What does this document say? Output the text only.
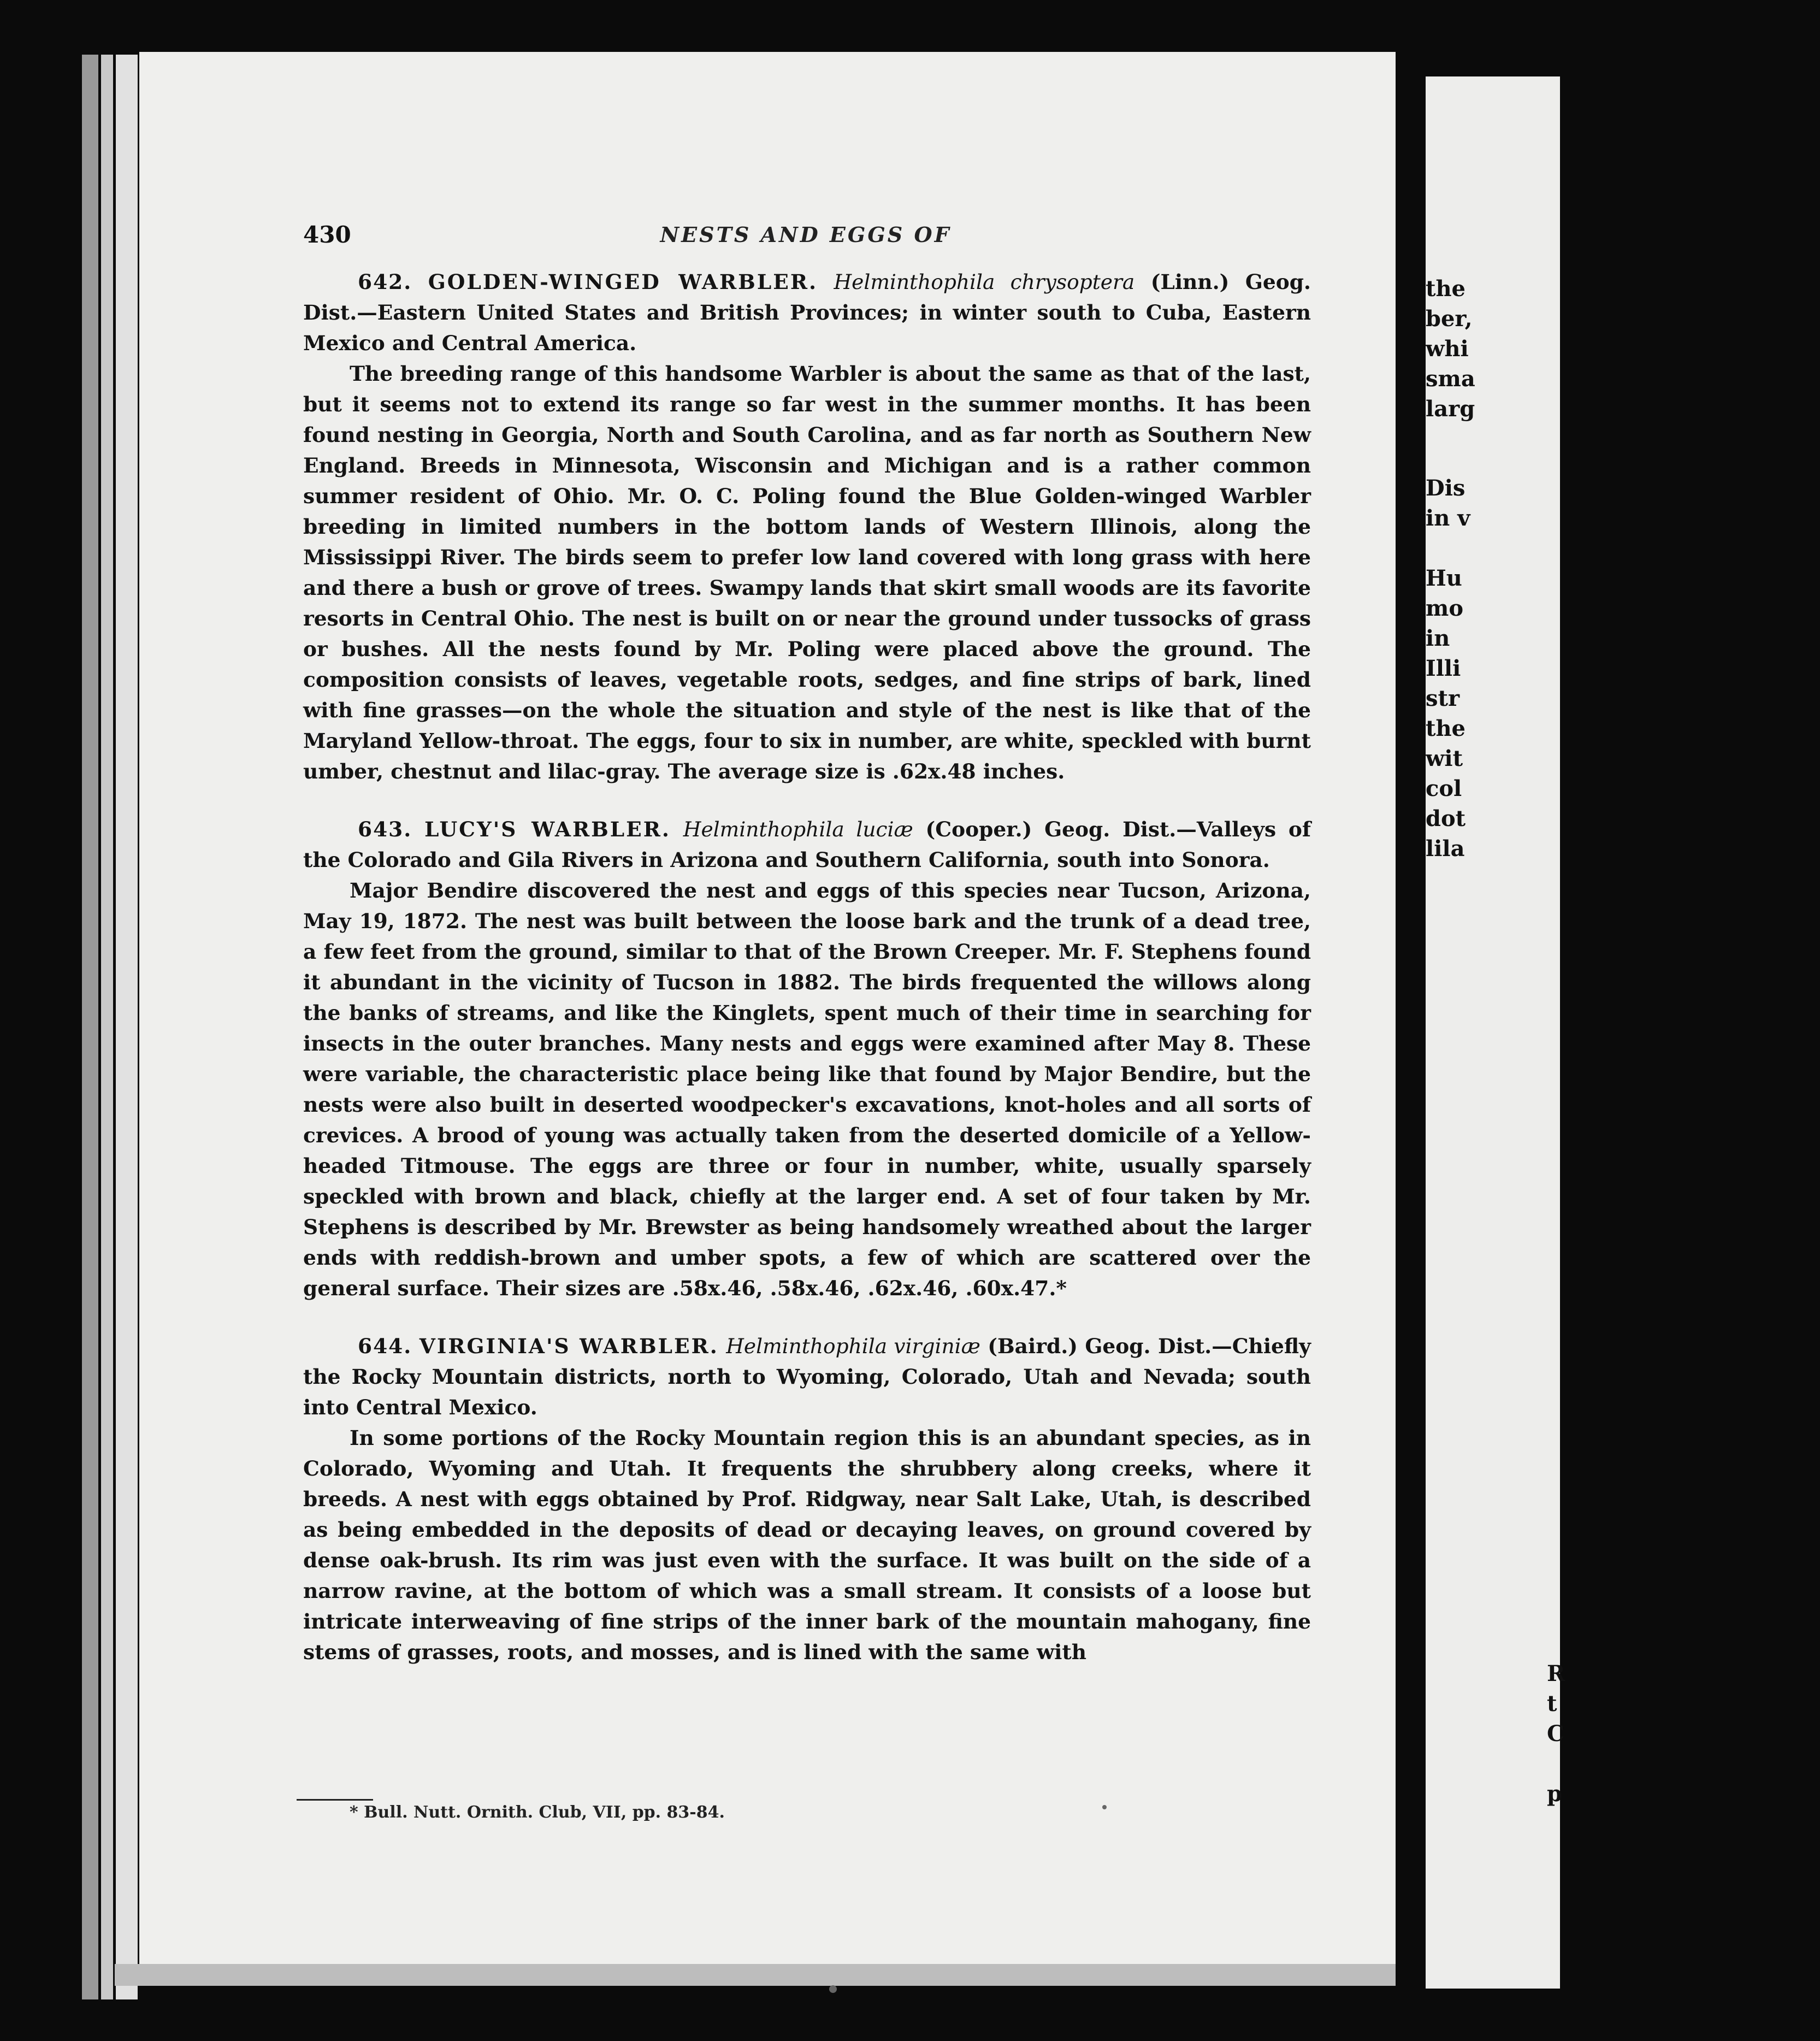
the
ber,
whi
sma
larg
Dis
in v
Hu
mo
in
Illi
str
the
wit
col
dot
lila
R
t
C
p
430	NESTS AND EGGS OF

642. GOLDEN-WINGED WARBLER. Helminthophila chrysoptera (Linn.) Geog. Dist.—Eastern United States and British Provinces; in winter south to Cuba, Eastern Mexico and Central America.

The breeding range of this handsome Warbler is about the same as that of the last, but it seems not to extend its range so far west in the summer months. It has been found nesting in Georgia, North and South Carolina, and as far north as Southern New England. Breeds in Minnesota, Wisconsin and Michigan and is a rather common summer resident of Ohio. Mr. O. C. Poling found the Blue Golden-winged Warbler breeding in limited numbers in the bottom lands of Western Illinois, along the Mississippi River. The birds seem to prefer low land covered with long grass with here and there a bush or grove of trees. Swampy lands that skirt small woods are its favorite resorts in Central Ohio. The nest is built on or near the ground under tussocks of grass or bushes. All the nests found by Mr. Poling were placed above the ground. The composition consists of leaves, vegetable roots, sedges, and fine strips of bark, lined with fine grasses—on the whole the situation and style of the nest is like that of the Maryland Yellow-throat. The eggs, four to six in number, are white, speckled with burnt umber, chestnut and lilac-gray. The average size is .62x.48 inches.

643. LUCY'S WARBLER. Helminthophila luciæ (Cooper.) Geog. Dist.—Valleys of the Colorado and Gila Rivers in Arizona and Southern California, south into Sonora.

Major Bendire discovered the nest and eggs of this species near Tucson, Arizona, May 19, 1872. The nest was built between the loose bark and the trunk of a dead tree, a few feet from the ground, similar to that of the Brown Creeper. Mr. F. Stephens found it abundant in the vicinity of Tucson in 1882. The birds frequented the willows along the banks of streams, and like the Kinglets, spent much of their time in searching for insects in the outer branches. Many nests and eggs were examined after May 8. These were variable, the characteristic place being like that found by Major Bendire, but the nests were also built in deserted woodpecker's excavations, knot-holes and all sorts of crevices. A brood of young was actually taken from the deserted domicile of a Yellow-headed Titmouse. The eggs are three or four in number, white, usually sparsely speckled with brown and black, chiefly at the larger end. A set of four taken by Mr. Stephens is described by Mr. Brewster as being handsomely wreathed about the larger ends with reddish-brown and umber spots, a few of which are scattered over the general surface. Their sizes are .58x.46, .58x.46, .62x.46, .60x.47.*

644. VIRGINIA'S WARBLER. Helminthophila virginiæ (Baird.) Geog. Dist.—Chiefly the Rocky Mountain districts, north to Wyoming, Colorado, Utah and Nevada; south into Central Mexico.

In some portions of the Rocky Mountain region this is an abundant species, as in Colorado, Wyoming and Utah. It frequents the shrubbery along creeks, where it breeds. A nest with eggs obtained by Prof. Ridgway, near Salt Lake, Utah, is described as being embedded in the deposits of dead or decaying leaves, on ground covered by dense oak-brush. Its rim was just even with the surface. It was built on the side of a narrow ravine, at the bottom of which was a small stream. It consists of a loose but intricate interweaving of fine strips of the inner bark of the mountain mahogany, fine stems of grasses, roots, and mosses, and is lined with the same with

* Bull. Nutt. Ornith. Club, VII, pp. 83-84.
